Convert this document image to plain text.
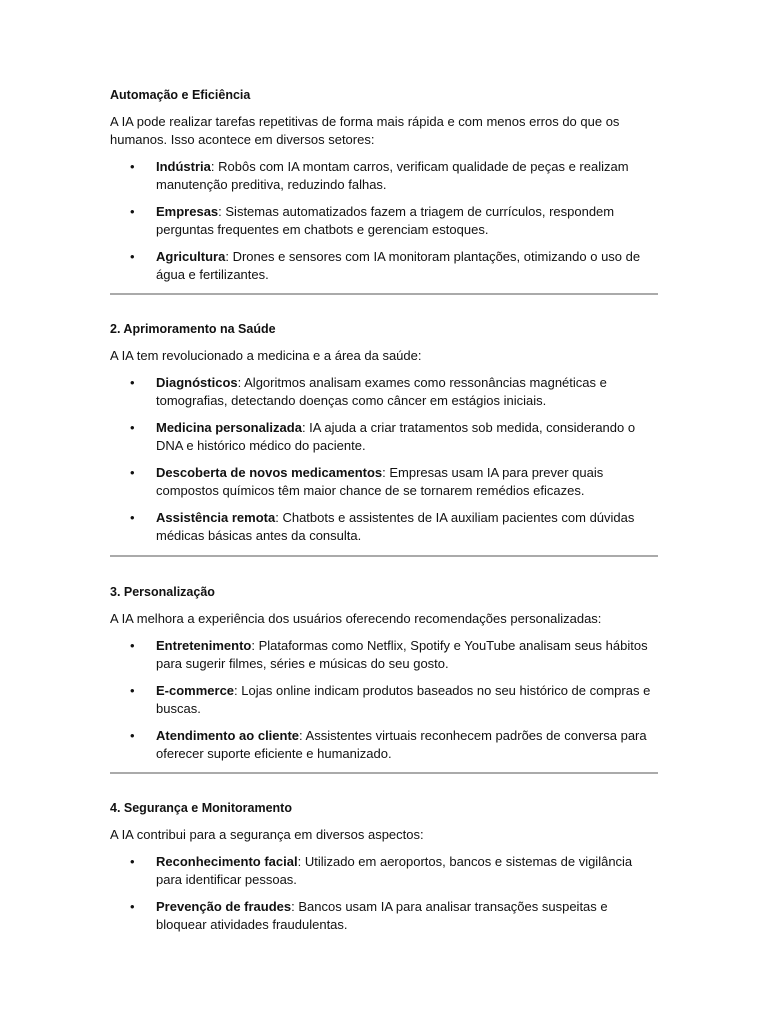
Automação e Eficiência

A IA pode realizar tarefas repetitivas de forma mais rápida e com menos erros do que os humanos. Isso acontece em diversos setores:

• Indústria: Robôs com IA montam carros, verificam qualidade de peças e realizam manutenção preditiva, reduzindo falhas.
• Empresas: Sistemas automatizados fazem a triagem de currículos, respondem perguntas frequentes em chatbots e gerenciam estoques.
• Agricultura: Drones e sensores com IA monitoram plantações, otimizando o uso de água e fertilizantes.

2. Aprimoramento na Saúde

A IA tem revolucionado a medicina e a área da saúde:

• Diagnósticos: Algoritmos analisam exames como ressonâncias magnéticas e tomografias, detectando doenças como câncer em estágios iniciais.
• Medicina personalizada: IA ajuda a criar tratamentos sob medida, considerando o DNA e histórico médico do paciente.
• Descoberta de novos medicamentos: Empresas usam IA para prever quais compostos químicos têm maior chance de se tornarem remédios eficazes.
• Assistência remota: Chatbots e assistentes de IA auxiliam pacientes com dúvidas médicas básicas antes da consulta.

3. Personalização

A IA melhora a experiência dos usuários oferecendo recomendações personalizadas:

• Entretenimento: Plataformas como Netflix, Spotify e YouTube analisam seus hábitos para sugerir filmes, séries e músicas do seu gosto.
• E-commerce: Lojas online indicam produtos baseados no seu histórico de compras e buscas.
• Atendimento ao cliente: Assistentes virtuais reconhecem padrões de conversa para oferecer suporte eficiente e humanizado.

4. Segurança e Monitoramento

A IA contribui para a segurança em diversos aspectos:

• Reconhecimento facial: Utilizado em aeroportos, bancos e sistemas de vigilância para identificar pessoas.
• Prevenção de fraudes: Bancos usam IA para analisar transações suspeitas e bloquear atividades fraudulentas.
